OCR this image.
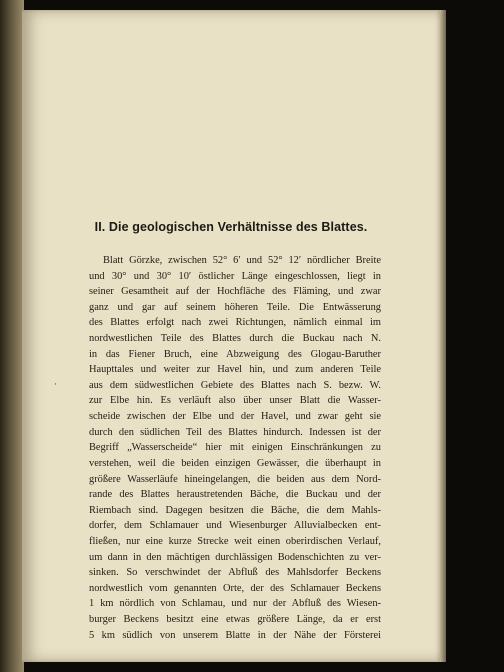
II. Die geologischen Verhältnisse des Blattes.
Blatt Görzke, zwischen 52° 6′ und 52° 12′ nördlicher Breite
und 30° und 30° 10′ östlicher Länge eingeschlossen, liegt in
seiner Gesamtheit auf der Hochfläche des Fläming, und zwar
ganz und gar auf seinem höheren Teile. Die Entwässerung
des Blattes erfolgt nach zwei Richtungen, nämlich einmal im
nordwestlichen Teile des Blattes durch die Buckau nach N.
in das Fiener Bruch, eine Abzweigung des Glogau-Baruther
Haupttales und weiter zur Havel hin, und zum anderen Teile
aus dem südwestlichen Gebiete des Blattes nach S. bezw. W.
zur Elbe hin. Es verläuft also über unser Blatt die Wasser-
scheide zwischen der Elbe und der Havel, und zwar geht sie
durch den südlichen Teil des Blattes hindurch. Indessen ist der
Begriff „Wasserscheide“ hier mit einigen Einschränkungen zu
verstehen, weil die beiden einzigen Gewässer, die überhaupt in
größere Wasserläufe hineingelangen, die beiden aus dem Nord-
rande des Blattes heraustretenden Bäche, die Buckau und der
Riembach sind. Dagegen besitzen die Bäche, die dem Mahls-
dorfer, dem Schlamauer und Wiesenburger Alluvialbecken ent-
fließen, nur eine kurze Strecke weit einen oberirdischen Verlauf,
um dann in den mächtigen durchlässigen Bodenschichten zu ver-
sinken. So verschwindet der Abfluß des Mahlsdorfer Beckens
nordwestlich vom genannten Orte, der des Schlamauer Beckens
1 km nördlich von Schlamau, und nur der Abfluß des Wiesen-
burger Beckens besitzt eine etwas größere Länge, da er erst
5 km südlich von unserem Blatte in der Nähe der Försterei
·
